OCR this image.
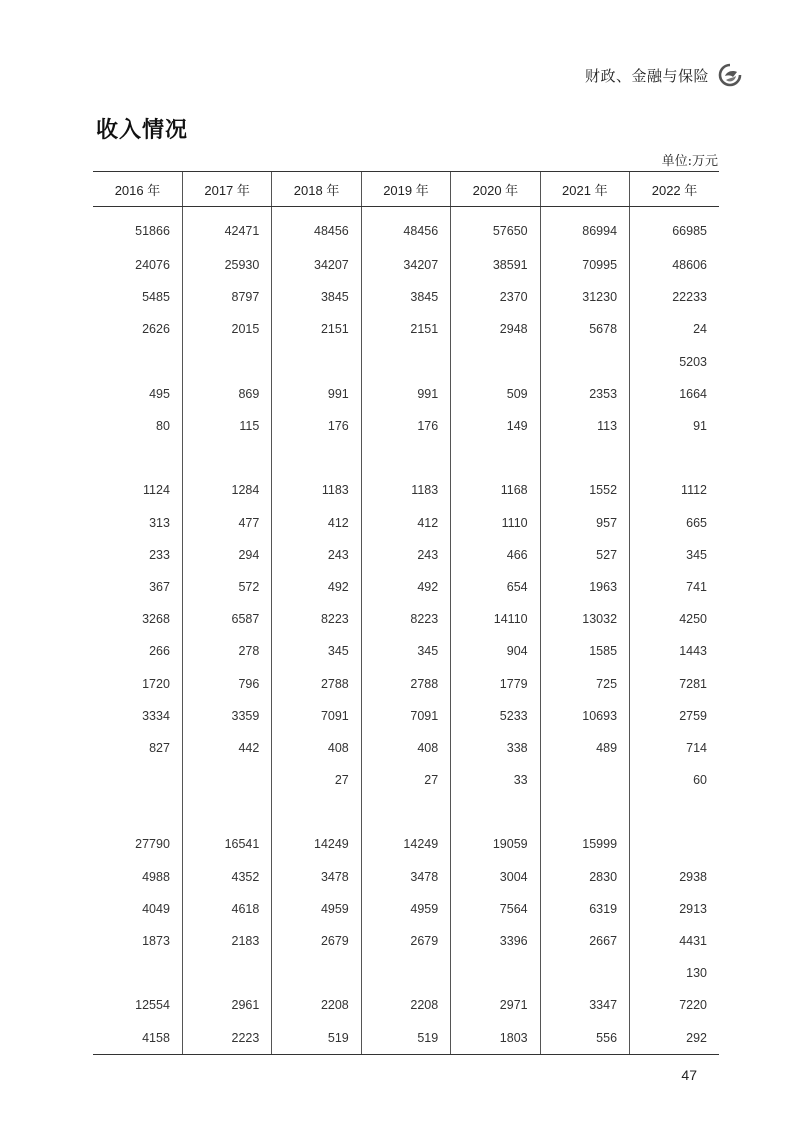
财政、金融与保险
收入情况
单位:万元
2016 年	2017 年	2018 年	2019 年	2020 年	2021 年	2022 年
51866	42471	48456	48456	57650	86994	66985
24076	25930	34207	34207	38591	70995	48606
5485	8797	3845	3845	2370	31230	22233
2626	2015	2151	2151	2948	5678	24
						5203
495	869	991	991	509	2353	1664
80	115	176	176	149	113	91

1124	1284	1183	1183	1168	1552	1112
313	477	412	412	1110	957	665
233	294	243	243	466	527	345
367	572	492	492	654	1963	741
3268	6587	8223	8223	14110	13032	4250
266	278	345	345	904	1585	1443
1720	796	2788	2788	1779	725	7281
3334	3359	7091	7091	5233	10693	2759
827	442	408	408	338	489	714
		27	27	33		60

27790	16541	14249	14249	19059	15999	
4988	4352	3478	3478	3004	2830	2938
4049	4618	4959	4959	7564	6319	2913
1873	2183	2679	2679	3396	2667	4431
						130
12554	2961	2208	2208	2971	3347	7220
4158	2223	519	519	1803	556	292
47
